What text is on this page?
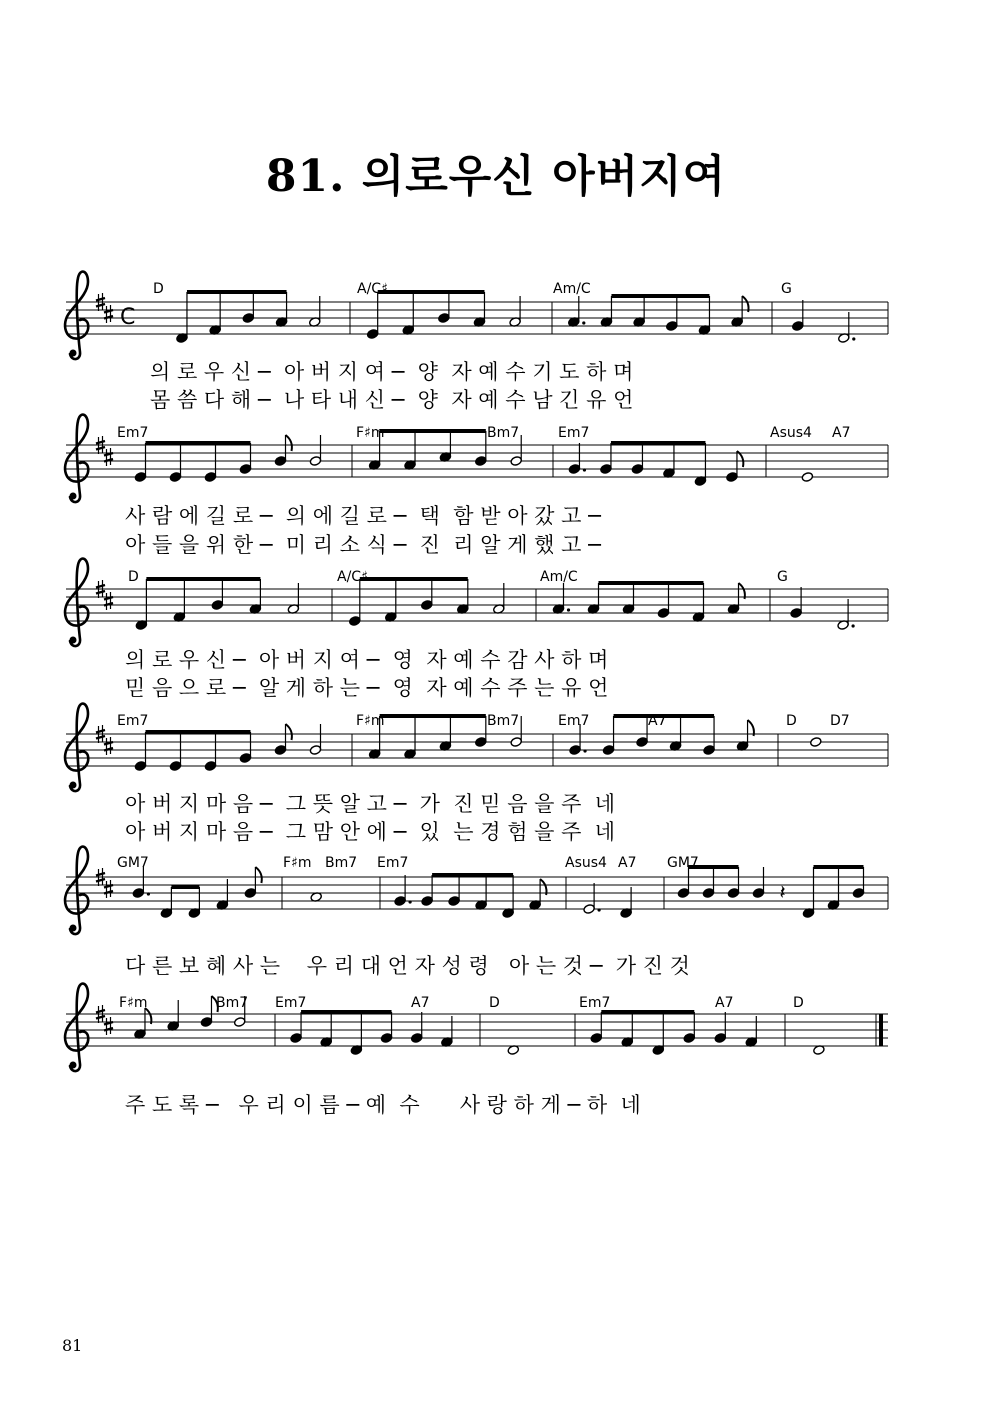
81. 의로우신 아버지여
D	A/C♯	Am/C	G
의 로 우 신 ─  아 버 지 여 ─  양  자 예 수 기 도 하 며
몸 씀 다 해 ─  나 타 내 신 ─  양  자 예 수 남 긴 유 언
Em7	F♯m	Bm7	Em7	Asus4 A7
사 람 에 길 로 ─  의 에 길 로 ─  택  함 받 아 갔 고 ─
아 들 을 위 한 ─  미 리 소 식 ─  진  리 알 게 했 고 ─
D	A/C♯	Am/C	G
의 로 우 신 ─  아 버 지 여 ─  영  자 예 수 감 사 하 며
믿 음 으 로 ─  알 게 하 는 ─  영  자 예 수 주 는 유 언
Em7	F♯m	Bm7	Em7	A7	D D7
아 버 지 마 음 ─  그 뜻 알 고 ─  가  진 믿 음 을 주  네
아 버 지 마 음 ─  그 맘 안 에 ─  있  는 경 험 을 주  네
GM7	F♯m Bm7 Em7	Asus4 A7 GM7
다 른 보 혜 사 는    우 리 대 언 자 성 령   아 는 것 ─  가 진 것
F♯m	Bm7 Em7	A7	D	Em7	A7	D
주 도 록 ─   우 리 이 름 ─ 예  수      사 랑 하 게 ─ 하  네
C
𝄽
81
